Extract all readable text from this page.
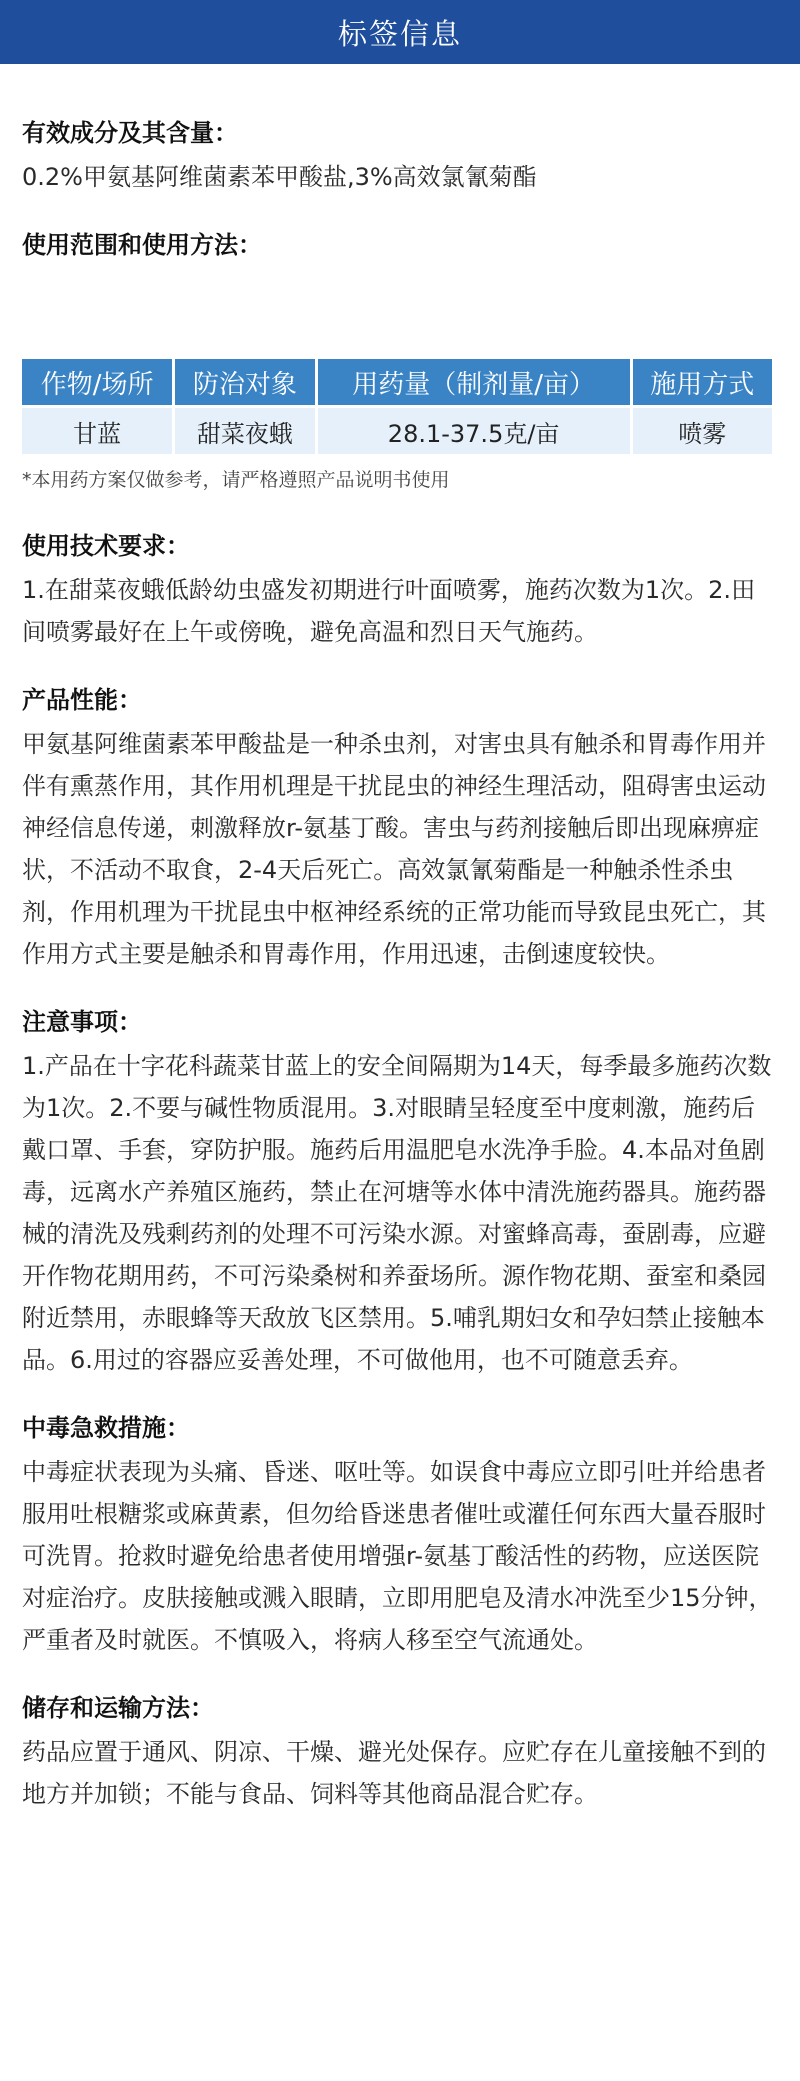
标签信息
有效成分及其含量：

0.2%甲氨基阿维菌素苯甲酸盐,3%高效氯氰菊酯

使用范围和使用方法：
作物/场所	防治对象	用药量（制剂量/亩）	施用方式
甘蓝	甜菜夜蛾	28.1-37.5克/亩	喷雾

*本用药方案仅做参考，请严格遵照产品说明书使用

使用技术要求：

1.在甜菜夜蛾低龄幼虫盛发初期进行叶面喷雾，施药次数为1次。2.田间喷雾最好在上午或傍晚，避免高温和烈日天气施药。

产品性能：

甲氨基阿维菌素苯甲酸盐是一种杀虫剂，对害虫具有触杀和胃毒作用并伴有熏蒸作用，其作用机理是干扰昆虫的神经生理活动，阻碍害虫运动神经信息传递，刺激释放r-氨基丁酸。害虫与药剂接触后即出现麻痹症状，不活动不取食，2-4天后死亡。高效氯氰菊酯是一种触杀性杀虫剂，作用机理为干扰昆虫中枢神经系统的正常功能而导致昆虫死亡，其作用方式主要是触杀和胃毒作用，作用迅速，击倒速度较快。

注意事项：

1.产品在十字花科蔬菜甘蓝上的安全间隔期为14天，每季最多施药次数为1次。2.不要与碱性物质混用。3.对眼睛呈轻度至中度刺激，施药后戴口罩、手套，穿防护服。施药后用温肥皂水洗净手脸。4.本品对鱼剧毒，远离水产养殖区施药，禁止在河塘等水体中清洗施药器具。施药器械的清洗及残剩药剂的处理不可污染水源。对蜜蜂高毒，蚕剧毒，应避开作物花期用药，不可污染桑树和养蚕场所。源作物花期、蚕室和桑园附近禁用，赤眼蜂等天敌放飞区禁用。5.哺乳期妇女和孕妇禁止接触本品。6.用过的容器应妥善处理，不可做他用，也不可随意丢弃。

中毒急救措施：

中毒症状表现为头痛、昏迷、呕吐等。如误食中毒应立即引吐并给患者服用吐根糖浆或麻黄素，但勿给昏迷患者催吐或灌任何东西大量吞服时可洗胃。抢救时避免给患者使用增强r-氨基丁酸活性的药物，应送医院对症治疗。皮肤接触或溅入眼睛，立即用肥皂及清水冲洗至少15分钟，严重者及时就医。不慎吸入，将病人移至空气流通处。

储存和运输方法：

药品应置于通风、阴凉、干燥、避光处保存。应贮存在儿童接触不到的地方并加锁；不能与食品、饲料等其他商品混合贮存。
